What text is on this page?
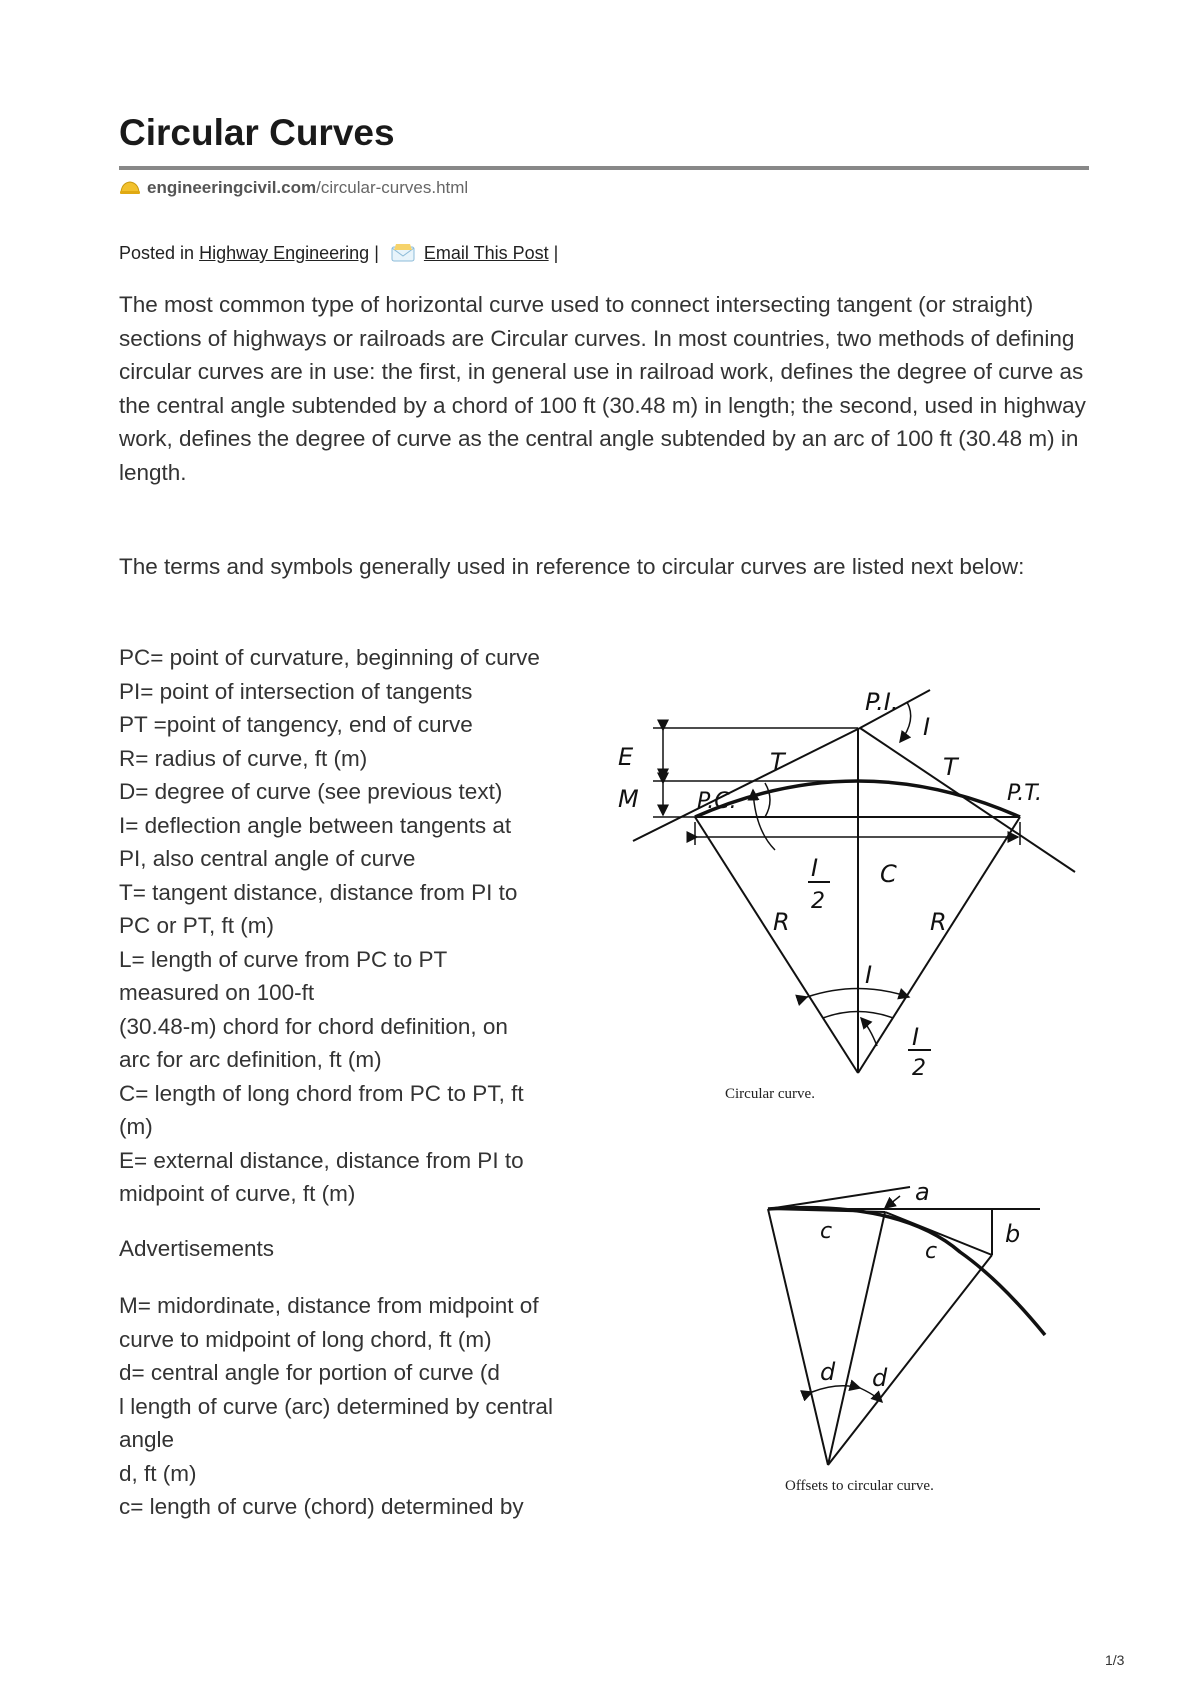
Circular Curves
engineeringcivil.com/circular-curves.html
Posted in Highway Engineering |	Email This Post |

The most common type of horizontal curve used to connect intersecting tangent (or straight) sections of highways or railroads are Circular curves. In most countries, two methods of defining circular curves are in use: the first, in general use in railroad work, defines the degree of curve as the central angle subtended by a chord of 100 ft (30.48 m) in length; the second, used in highway work, defines the degree of curve as the central angle subtended by an arc of 100 ft (30.48 m) in length.

The terms and symbols generally used in reference to circular curves are listed next below:

PC= point of curvature, beginning of curve
PI= point of intersection of tangents
PT =point of tangency, end of curve
R= radius of curve, ft (m)
D= degree of curve (see previous text)
I= deflection angle between tangents at
PI, also central angle of curve
T= tangent distance, distance from PI to
PC or PT, ft (m)
L= length of curve from PC to PT
measured on 100-ft
(30.48-m) chord for chord definition, on
arc for arc definition, ft (m)
C= length of long chord from PC to PT, ft
(m)
E= external distance, distance from PI to
midpoint of curve, ft (m)
Advertisements
M= midordinate, distance from midpoint of
curve to midpoint of long chord, ft (m)
d= central angle for portion of curve (d
l length of curve (arc) determined by central
angle
d, ft (m)
c= length of curve (chord) determined by
P.I.
I
E
M
T	T
P.C.	P.T.
I
2
C
R	R
I
I
2
Circular curve.
a
b
c
c
d d
Offsets to circular curve.
1/3
